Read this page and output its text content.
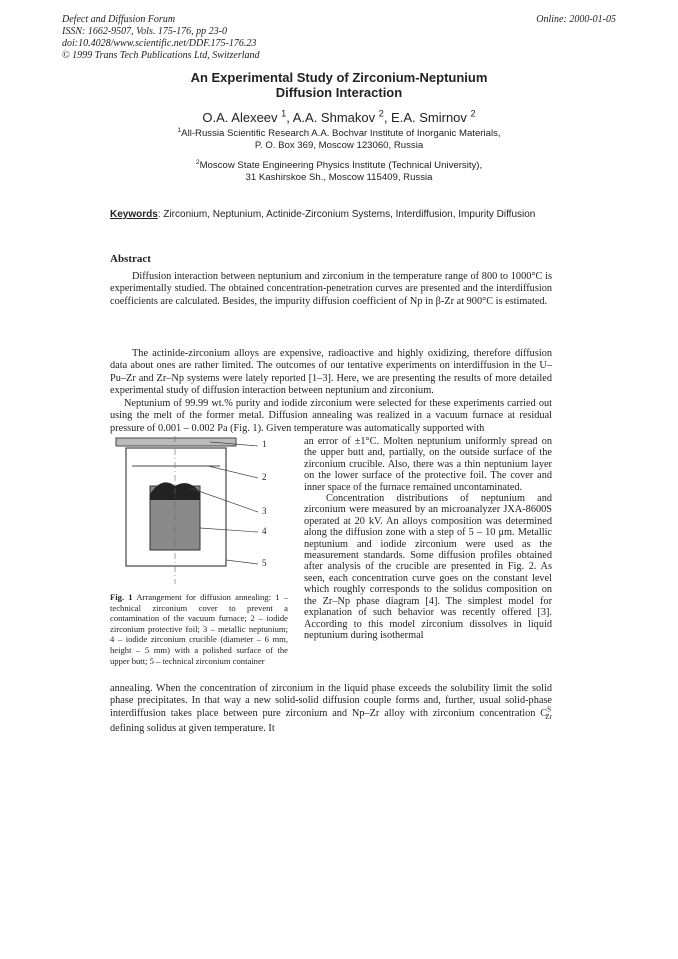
Defect and Diffusion Forum
ISSN: 1662-9507, Vols. 175-176, pp 23-0
doi:10.4028/www.scientific.net/DDF.175-176.23
© 1999 Trans Tech Publications Ltd, Switzerland
Online: 2000-01-05
An Experimental Study of Zirconium-Neptunium
Diffusion Interaction
O.A. Alexeev $^1$, A.A. Shmakov $^2$, E.A. Smirnov $^2$
$^1$All-Russia Scientific Research A.A. Bochvar Institute of Inorganic Materials,
P. O. Box 369, Moscow 123060, Russia
$^2$Moscow State Engineering Physics Institute (Technical University),
31 Kashirskoe Sh., Moscow 115409, Russia
Keywords: Zirconium, Neptunium, Actinide-Zirconium Systems, Interdiffusion, Impurity Diffusion
Abstract
Diffusion interaction between neptunium and zirconium in the temperature range of 800 to 1000°C is experimentally studied. The obtained concentration-penetration curves are presented and the interdiffusion coefficients are calculated. Besides, the impurity diffusion coefficient of Np in β-Zr at 900°C is estimated.
The actinide-zirconium alloys are expensive, radioactive and highly oxidizing, therefore diffusion data about ones are rather limited. The outcomes of our tentative experiments on interdiffusion in the U–Pu–Zr and Zr–Np systems were lately reported [1–3]. Here, we are presenting the results of more detailed experimental study of diffusion interaction between neptunium and zirconium.
Neptunium of 99.99 wt.% purity and iodide zirconium were selected for these experiments carried out using the melt of the former metal. Diffusion annealing was realized in a vacuum furnace at residual pressure of 0.001 – 0.002 Pa (Fig. 1). Given temperature was automatically supported with
1
2
3
4
5
Fig. 1 Arrangement for diffusion annealing: 1 – technical zirconium cover to prevent a contamination of the vacuum furnace; 2 – iodide zirconium protective foil; 3 – metallic neptunium; 4 – iodide zirconium crucible (diameter – 6 mm, height – 5 mm) with a polished surface of the upper butt; 5 – technical zirconium container

an error of ±1°C. Molten neptunium uniformly spread on the upper butt and, partially, on the outside surface of the zirconium crucible. Also, there was a thin neptunium layer on the lower surface of the protective foil. The cover and inner space of the furnace remained uncontaminated.

Concentration distributions of neptunium and zirconium were measured by an microanalyzer JXA-8600S operated at 20 kV. An alloys composition was determined along the diffusion zone with a step of 5 – 10 μm. Metallic neptunium and iodide zirconium were used as the measurement standards. Some diffusion profiles obtained after analysis of the crucible are presented in Fig. 2. As seen, each concentration curve goes on the constant level which roughly corresponds to the solidus composition on the Zr–Np phase diagram [4]. The simplest model for explanation of such behavior was recently offered [3]. According to this model zirconium dissolves in liquid neptunium during isothermal

annealing. When the concentration of zirconium in the liquid phase exceeds the solubility limit the solid phase precipitates. In that way a new solid-solid diffusion couple forms and, further, usual solid-phase interdiffusion takes place between pure zirconium and Np–Zr alloy with zirconium concentration $C^S_{Zr}$ defining solidus at given temperature. It
